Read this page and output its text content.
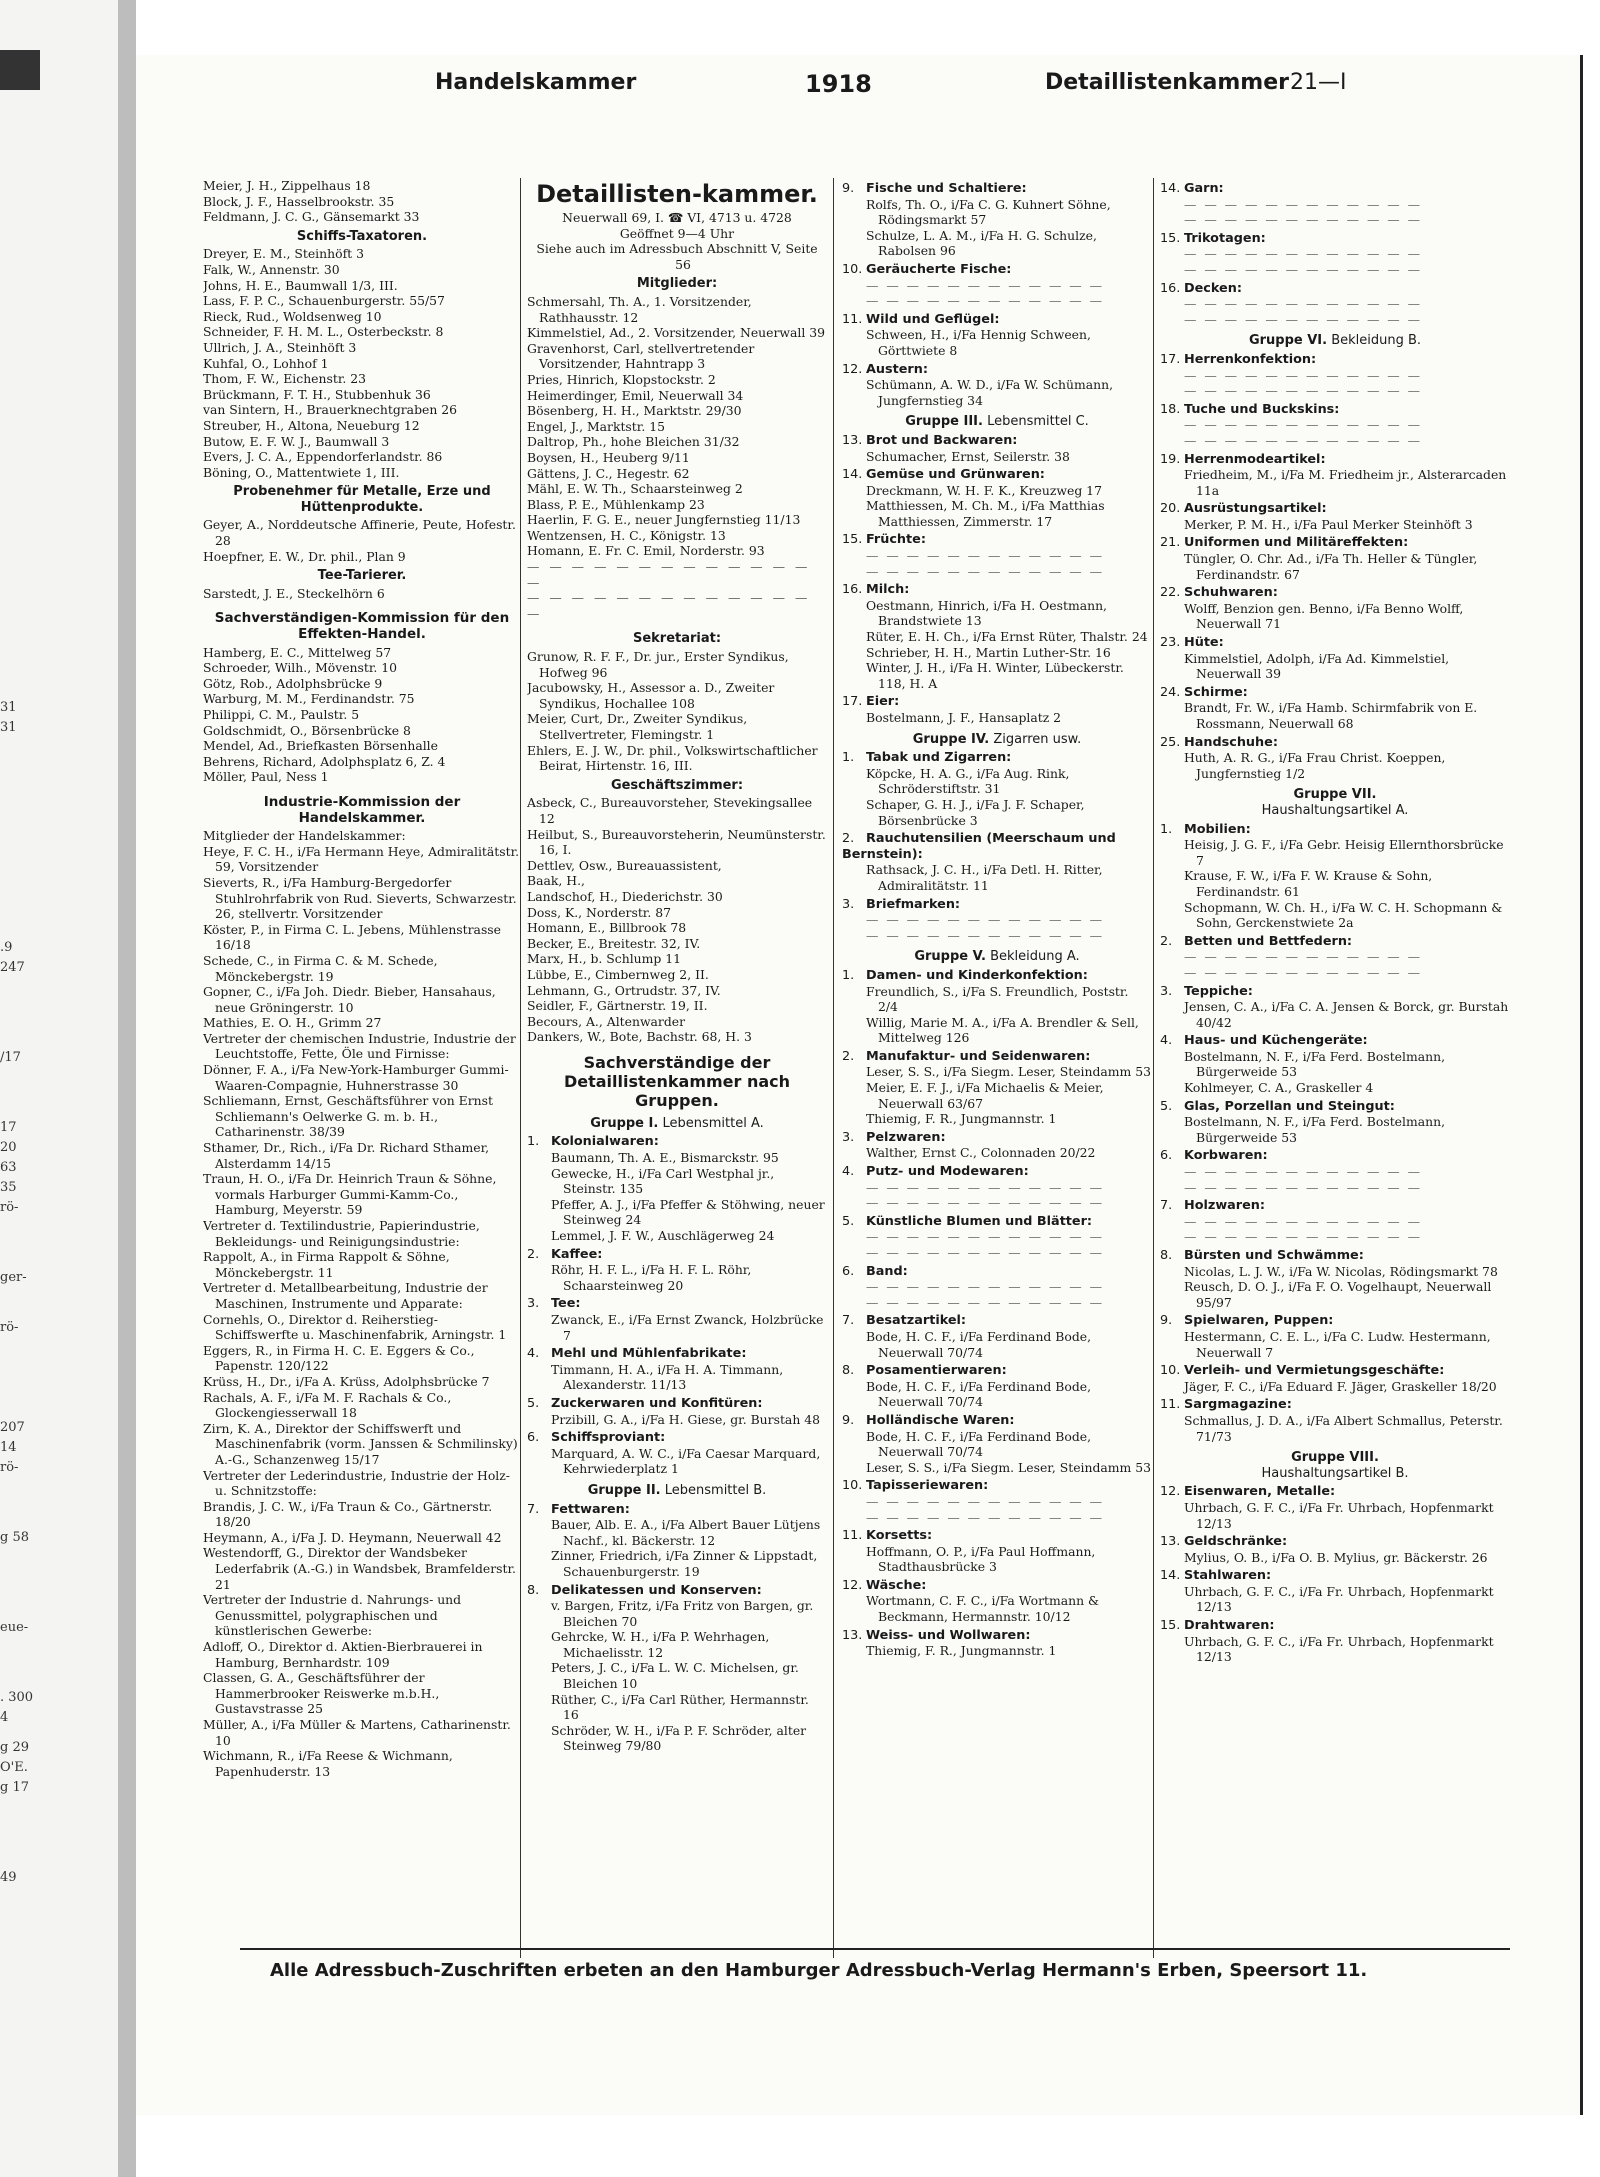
31
31
.9
247
/17
17
20
63
35
rö-
ger-
rö-
207
14
rö-
g 58
eue-
. 300
4
g 29
O'E.
g 17
49
Handelskammer	1918	Detaillistenkammer 21—I
Meier, J. H., Zippelhaus 18
Block, J. F., Hasselbrookstr. 35
Feldmann, J. C. G., Gänsemarkt 33
Schiffs-Taxatoren.
Dreyer, E. M., Steinhöft 3
Falk, W., Annenstr. 30
Johns, H. E., Baumwall 1/3, III.
Lass, F. P. C., Schauenburgerstr. 55/57
Rieck, Rud., Woldsenweg 10
Schneider, F. H. M. L., Osterbeckstr. 8
Ullrich, J. A., Steinhöft 3
Kuhfal, O., Lohhof 1
Thom, F. W., Eichenstr. 23
Brückmann, F. T. H., Stubbenhuk 36
van Sintern, H., Brauerknechtgraben 26
Streuber, H., Altona, Neueburg 12
Butow, E. F. W. J., Baumwall 3
Evers, J. C. A., Eppendorferlandstr. 86
Böning, O., Mattentwiete 1, III.
Probenehmer für Metalle, Erze und Hüttenprodukte.
Geyer, A., Norddeutsche Affinerie, Peute, Hofestr. 28
Hoepfner, E. W., Dr. phil., Plan 9
Tee-Tarierer.
Sarstedt, J. E., Steckelhörn 6
Sachverständigen-Kommission für den Effekten-Handel.
Hamberg, E. C., Mittelweg 57
Schroeder, Wilh., Mövenstr. 10
Götz, Rob., Adolphsbrücke 9
Warburg, M. M., Ferdinandstr. 75
Philippi, C. M., Paulstr. 5
Goldschmidt, O., Börsenbrücke 8
Mendel, Ad., Briefkasten Börsenhalle
Behrens, Richard, Adolphsplatz 6, Z. 4
Möller, Paul, Ness 1
Industrie-Kommission der Handelskammer.
Mitglieder der Handelskammer:
Heye, F. C. H., i/Fa Hermann Heye, Admiralitätstr. 59, Vorsitzender
Sieverts, R., i/Fa Hamburg-Bergedorfer Stuhlrohrfabrik von Rud. Sieverts, Schwarzestr. 26, stellvertr. Vorsitzender
Köster, P., in Firma C. L. Jebens, Mühlenstrasse 16/18
Schede, C., in Firma C. & M. Schede, Mönckebergstr. 19
Gopner, C., i/Fa Joh. Diedr. Bieber, Hansahaus, neue Gröningerstr. 10
Mathies, E. O. H., Grimm 27
Vertreter der chemischen Industrie, Industrie der Leuchtstoffe, Fette, Öle und Firnisse:
Dönner, F. A., i/Fa New-York-Hamburger Gummi-Waaren-Compagnie, Huhnerstrasse 30
Schliemann, Ernst, Geschäftsführer von Ernst Schliemann's Oelwerke G. m. b. H., Catharinenstr. 38/39
Sthamer, Dr., Rich., i/Fa Dr. Richard Sthamer, Alsterdamm 14/15
Traun, H. O., i/Fa Dr. Heinrich Traun & Söhne, vormals Harburger Gummi-Kamm-Co., Hamburg, Meyerstr. 59
Vertreter d. Textilindustrie, Papierindustrie, Bekleidungs- und Reinigungsindustrie:
Rappolt, A., in Firma Rappolt & Söhne, Mönckebergstr. 11
Vertreter d. Metallbearbeitung, Industrie der Maschinen, Instrumente und Apparate:
Cornehls, O., Direktor d. Reiherstieg-Schiffswerfte u. Maschinenfabrik, Arningstr. 1
Eggers, R., in Firma H. C. E. Eggers & Co., Papenstr. 120/122
Krüss, H., Dr., i/Fa A. Krüss, Adolphsbrücke 7
Rachals, A. F., i/Fa M. F. Rachals & Co., Glockengiesserwall 18
Zirn, K. A., Direktor der Schiffswerft und Maschinenfabrik (vorm. Janssen & Schmilinsky) A.-G., Schanzenweg 15/17
Vertreter der Lederindustrie, Industrie der Holz- u. Schnitzstoffe:
Brandis, J. C. W., i/Fa Traun & Co., Gärtnerstr. 18/20
Heymann, A., i/Fa J. D. Heymann, Neuerwall 42
Westendorff, G., Direktor der Wandsbeker Lederfabrik (A.-G.) in Wandsbek, Bramfelderstr. 21
Vertreter der Industrie d. Nahrungs- und Genussmittel, polygraphischen und künstlerischen Gewerbe:
Adloff, O., Direktor d. Aktien-Bierbrauerei in Hamburg, Bernhardstr. 109
Classen, G. A., Geschäftsführer der Hammerbrooker Reiswerke m.b.H., Gustavstrasse 25
Müller, A., i/Fa Müller & Martens, Catharinenstr. 10
Wichmann, R., i/Fa Reese & Wichmann, Papenhuderstr. 13
Detaillisten-kammer.
Neuerwall 69, I. ☎ VI, 4713 u. 4728
Geöffnet 9—4 Uhr
Siehe auch im Adressbuch Abschnitt V, Seite 56
Mitglieder:
Schmersahl, Th. A., 1. Vorsitzender, Rathhausstr. 12
Kimmelstiel, Ad., 2. Vorsitzender, Neuerwall 39
Gravenhorst, Carl, stellvertretender Vorsitzender, Hahntrapp 3
Pries, Hinrich, Klopstockstr. 2
Heimerdinger, Emil, Neuerwall 34
Bösenberg, H. H., Marktstr. 29/30
Engel, J., Marktstr. 15
Daltrop, Ph., hohe Bleichen 31/32
Boysen, H., Heuberg 9/11
Gättens, J. C., Hegestr. 62
Mähl, E. W. Th., Schaarsteinweg 2
Blass, P. E., Mühlenkamp 23
Haerlin, F. G. E., neuer Jungfernstieg 11/13
Wentzensen, H. C., Königstr. 13
Homann, E. Fr. C. Emil, Norderstr. 93
— — — — — — — — — — — — — —
— — — — — — — — — — — — — —
Sekretariat:
Grunow, R. F. F., Dr. jur., Erster Syndikus, Hofweg 96
Jacubowsky, H., Assessor a. D., Zweiter Syndikus, Hochallee 108
Meier, Curt, Dr., Zweiter Syndikus, Stellvertreter, Flemingstr. 1
Ehlers, E. J. W., Dr. phil., Volkswirtschaftlicher Beirat, Hirtenstr. 16, III.
Geschäftszimmer:
Asbeck, C., Bureauvorsteher, Stevekingsallee 12
Heilbut, S., Bureauvorsteherin, Neumünsterstr. 16, I.
Dettlev, Osw., Bureauassistent,
Baak, H.,
Landschof, H., Diederichstr. 30
Doss, K., Norderstr. 87
Homann, E., Billbrook 78
Becker, E., Breitestr. 32, IV.
Marx, H., b. Schlump 11
Lübbe, E., Cimbernweg 2, II.
Lehmann, G., Ortrudstr. 37, IV.
Seidler, F., Gärtnerstr. 19, II.
Becours, A., Altenwarder
Dankers, W., Bote, Bachstr. 68, H. 3
Sachverständige der Detaillistenkammer nach Gruppen.
Gruppe I. Lebensmittel A.
1. Kolonialwaren:
Baumann, Th. A. E., Bismarckstr. 95
Gewecke, H., i/Fa Carl Westphal jr., Steinstr. 135
Pfeffer, A. J., i/Fa Pfeffer & Stöhwing, neuer Steinweg 24
Lemmel, J. F. W., Auschlägerweg 24
2. Kaffee:
Röhr, H. F. L., i/Fa H. F. L. Röhr, Schaarsteinweg 20
3. Tee:
Zwanck, E., i/Fa Ernst Zwanck, Holzbrücke 7
4. Mehl und Mühlenfabrikate:
Timmann, H. A., i/Fa H. A. Timmann, Alexanderstr. 11/13
5. Zuckerwaren und Konfitüren:
Przibill, G. A., i/Fa H. Giese, gr. Burstah 48
6. Schiffsproviant:
Marquard, A. W. C., i/Fa Caesar Marquard, Kehrwiederplatz 1
Gruppe II. Lebensmittel B.
7. Fettwaren:
Bauer, Alb. E. A., i/Fa Albert Bauer Lütjens Nachf., kl. Bäckerstr. 12
Zinner, Friedrich, i/Fa Zinner & Lippstadt, Schauenburgerstr. 19
8. Delikatessen und Konserven:
v. Bargen, Fritz, i/Fa Fritz von Bargen, gr. Bleichen 70
Gehrcke, W. H., i/Fa P. Wehrhagen, Michaelisstr. 12
Peters, J. C., i/Fa L. W. C. Michelsen, gr. Bleichen 10
Rüther, C., i/Fa Carl Rüther, Hermannstr. 16
Schröder, W. H., i/Fa P. F. Schröder, alter Steinweg 79/80
9. Fische und Schaltiere:
Rolfs, Th. O., i/Fa C. G. Kuhnert Söhne, Rödingsmarkt 57
Schulze, L. A. M., i/Fa H. G. Schulze, Rabolsen 96
10. Geräucherte Fische:
— — — — — — — — — — — —
— — — — — — — — — — — —
11. Wild und Geflügel:
Schween, H., i/Fa Hennig Schween, Görttwiete 8
12. Austern:
Schümann, A. W. D., i/Fa W. Schümann, Jungfernstieg 34
Gruppe III. Lebensmittel C.
13. Brot und Backwaren:
Schumacher, Ernst, Seilerstr. 38
14. Gemüse und Grünwaren:
Dreckmann, W. H. F. K., Kreuzweg 17
Matthiessen, M. Ch. M., i/Fa Matthias Matthiessen, Zimmerstr. 17
15. Früchte:
— — — — — — — — — — — —
— — — — — — — — — — — —
16. Milch:
Oestmann, Hinrich, i/Fa H. Oestmann, Brandstwiete 13
Rüter, E. H. Ch., i/Fa Ernst Rüter, Thalstr. 24
Schrieber, H. H., Martin Luther-Str. 16
Winter, J. H., i/Fa H. Winter, Lübeckerstr. 118, H. A
17. Eier:
Bostelmann, J. F., Hansaplatz 2
Gruppe IV. Zigarren usw.
1. Tabak und Zigarren:
Köpcke, H. A. G., i/Fa Aug. Rink, Schröderstiftstr. 31
Schaper, G. H. J., i/Fa J. F. Schaper, Börsenbrücke 3
2. Rauchutensilien (Meerschaum und Bernstein):
Rathsack, J. C. H., i/Fa Detl. H. Ritter, Admiralitätstr. 11
3. Briefmarken:
— — — — — — — — — — — —
— — — — — — — — — — — —
Gruppe V. Bekleidung A.
1. Damen- und Kinderkonfektion:
Freundlich, S., i/Fa S. Freundlich, Poststr. 2/4
Willig, Marie M. A., i/Fa A. Brendler & Sell, Mittelweg 126
2. Manufaktur- und Seidenwaren:
Leser, S. S., i/Fa Siegm. Leser, Steindamm 53
Meier, E. F. J., i/Fa Michaelis & Meier, Neuerwall 63/67
Thiemig, F. R., Jungmannstr. 1
3. Pelzwaren:
Walther, Ernst C., Colonnaden 20/22
4. Putz- und Modewaren:
— — — — — — — — — — — —
— — — — — — — — — — — —
5. Künstliche Blumen und Blätter:
— — — — — — — — — — — —
— — — — — — — — — — — —
6. Band:
— — — — — — — — — — — —
— — — — — — — — — — — —
7. Besatzartikel:
Bode, H. C. F., i/Fa Ferdinand Bode, Neuerwall 70/74
8. Posamentierwaren:
Bode, H. C. F., i/Fa Ferdinand Bode, Neuerwall 70/74
9. Holländische Waren:
Bode, H. C. F., i/Fa Ferdinand Bode, Neuerwall 70/74
Leser, S. S., i/Fa Siegm. Leser, Steindamm 53
10. Tapisseriewaren:
— — — — — — — — — — — —
— — — — — — — — — — — —
11. Korsetts:
Hoffmann, O. P., i/Fa Paul Hoffmann, Stadthausbrücke 3
12. Wäsche:
Wortmann, C. F. C., i/Fa Wortmann & Beckmann, Hermannstr. 10/12
13. Weiss- und Wollwaren:
Thiemig, F. R., Jungmannstr. 1
14. Garn:
— — — — — — — — — — — —
— — — — — — — — — — — —
15. Trikotagen:
— — — — — — — — — — — —
— — — — — — — — — — — —
16. Decken:
— — — — — — — — — — — —
— — — — — — — — — — — —
Gruppe VI. Bekleidung B.
17. Herrenkonfektion:
— — — — — — — — — — — —
— — — — — — — — — — — —
18. Tuche und Buckskins:
— — — — — — — — — — — —
— — — — — — — — — — — —
19. Herrenmodeartikel:
Friedheim, M., i/Fa M. Friedheim jr., Alsterarcaden 11a
20. Ausrüstungsartikel:
Merker, P. M. H., i/Fa Paul Merker Steinhöft 3
21. Uniformen und Militäreffekten:
Tüngler, O. Chr. Ad., i/Fa Th. Heller & Tüngler, Ferdinandstr. 67
22. Schuhwaren:
Wolff, Benzion gen. Benno, i/Fa Benno Wolff, Neuerwall 71
23. Hüte:
Kimmelstiel, Adolph, i/Fa Ad. Kimmelstiel, Neuerwall 39
24. Schirme:
Brandt, Fr. W., i/Fa Hamb. Schirmfabrik von E. Rossmann, Neuerwall 68
25. Handschuhe:
Huth, A. R. G., i/Fa Frau Christ. Koeppen, Jungfernstieg 1/2
Gruppe VII.
Haushaltungsartikel A.
1. Mobilien:
Heisig, J. G. F., i/Fa Gebr. Heisig Ellernthorsbrücke 7
Krause, F. W., i/Fa F. W. Krause & Sohn, Ferdinandstr. 61
Schopmann, W. Ch. H., i/Fa W. C. H. Schopmann & Sohn, Gerckenstwiete 2a
2. Betten und Bettfedern:
— — — — — — — — — — — —
— — — — — — — — — — — —
3. Teppiche:
Jensen, C. A., i/Fa C. A. Jensen & Borck, gr. Burstah 40/42
4. Haus- und Küchengeräte:
Bostelmann, N. F., i/Fa Ferd. Bostelmann, Bürgerweide 53
Kohlmeyer, C. A., Graskeller 4
5. Glas, Porzellan und Steingut:
Bostelmann, N. F., i/Fa Ferd. Bostelmann, Bürgerweide 53
6. Korbwaren:
— — — — — — — — — — — —
— — — — — — — — — — — —
7. Holzwaren:
— — — — — — — — — — — —
— — — — — — — — — — — —
8. Bürsten und Schwämme:
Nicolas, L. J. W., i/Fa W. Nicolas, Rödingsmarkt 78
Reusch, D. O. J., i/Fa F. O. Vogelhaupt, Neuerwall 95/97
9. Spielwaren, Puppen:
Hestermann, C. E. L., i/Fa C. Ludw. Hestermann, Neuerwall 7
10. Verleih- und Vermietungsgeschäfte:
Jäger, F. C., i/Fa Eduard F. Jäger, Graskeller 18/20
11. Sargmagazine:
Schmallus, J. D. A., i/Fa Albert Schmallus, Peterstr. 71/73
Gruppe VIII.
Haushaltungsartikel B.
12. Eisenwaren, Metalle:
Uhrbach, G. F. C., i/Fa Fr. Uhrbach, Hopfenmarkt 12/13
13. Geldschränke:
Mylius, O. B., i/Fa O. B. Mylius, gr. Bäckerstr. 26
14. Stahlwaren:
Uhrbach, G. F. C., i/Fa Fr. Uhrbach, Hopfenmarkt 12/13
15. Drahtwaren:
Uhrbach, G. F. C., i/Fa Fr. Uhrbach, Hopfenmarkt 12/13
Alle Adressbuch-Zuschriften erbeten an den Hamburger Adressbuch-Verlag Hermann's Erben, Speersort 11.
